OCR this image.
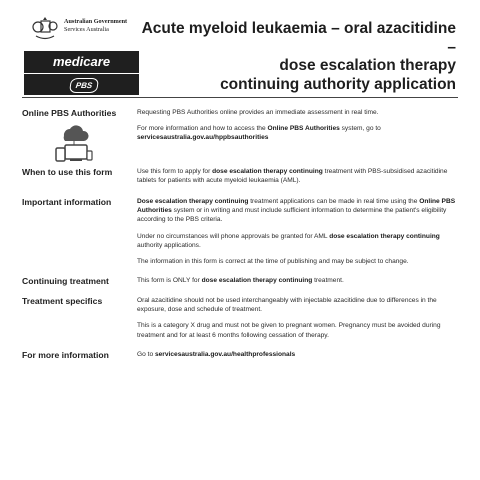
Australian Government
Services Australia
medicare
PBS
Acute myeloid leukaemia – oral azacitidine –
dose escalation therapy
continuing authority application
Online PBS Authorities	Requesting PBS Authorities online provides an immediate assessment in real time.

For more information and how to access the Online PBS Authorities system, go to servicesaustralia.gov.au/hppbsauthorities

When to use this form	Use this form to apply for dose escalation therapy continuing treatment with PBS-subsidised azacitidine tablets for patients with acute myeloid leukaemia (AML).

Important information	Dose escalation therapy continuing treatment applications can be made in real time using the Online PBS Authorities system or in writing and must include sufficient information to determine the patient's eligibility according to the PBS criteria.

Under no circumstances will phone approvals be granted for AML dose escalation therapy continuing authority applications.

The information in this form is correct at the time of publishing and may be subject to change.

Continuing treatment	This form is ONLY for dose escalation therapy continuing treatment.

Treatment specifics	Oral azacitidine should not be used interchangeably with injectable azacitidine due to differences in the exposure, dose and schedule of treatment.

This is a category X drug and must not be given to pregnant women. Pregnancy must be avoided during treatment and for at least 6 months following cessation of therapy.

For more information	Go to servicesaustralia.gov.au/healthprofessionals
